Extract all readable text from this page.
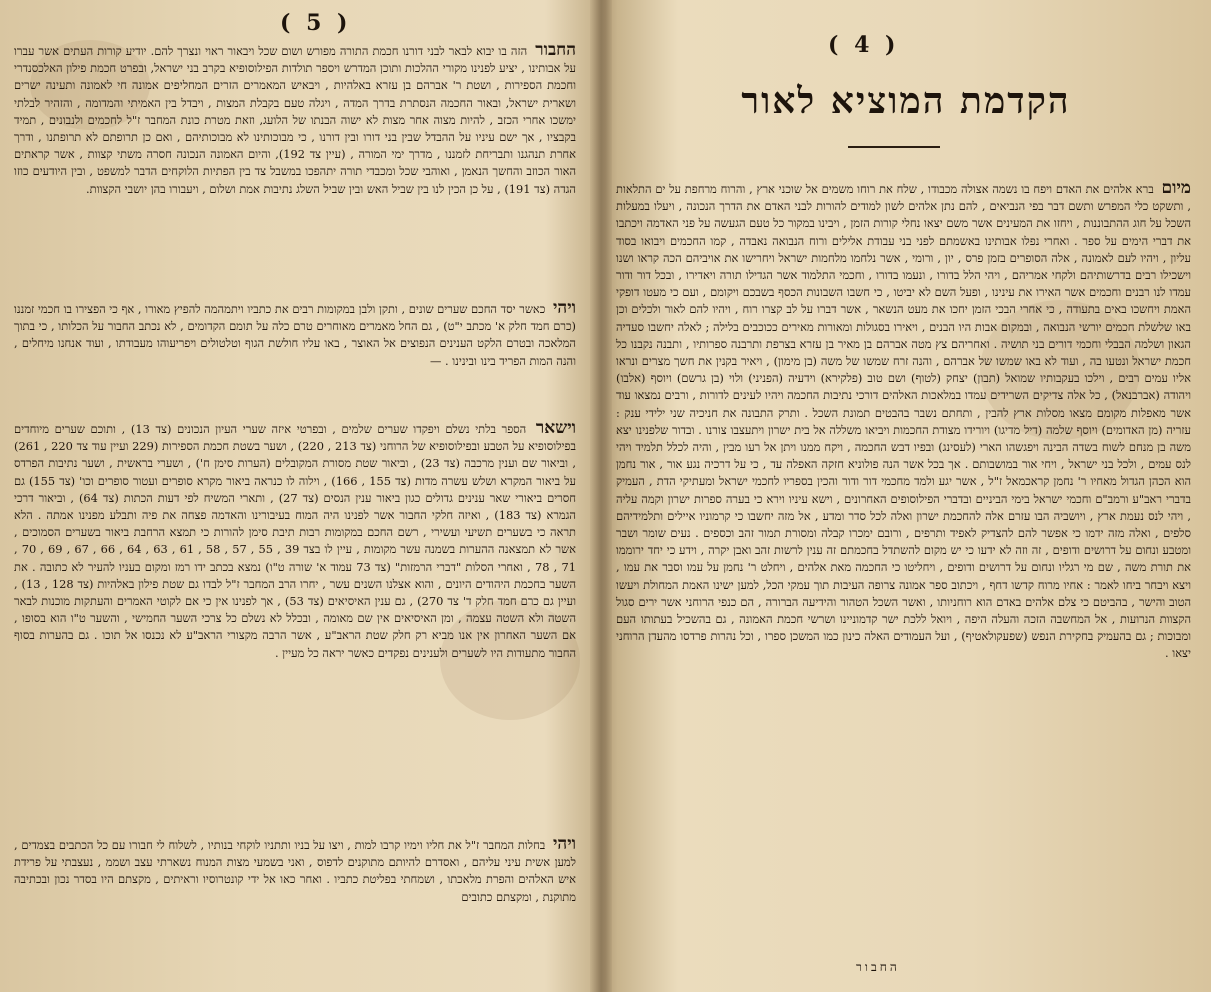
( 5 )
החבור הזה בו יבוא לבאר לבני דורנו חכמת התורה מפורש ושום שכל ויבאור ראוי ונצרך להם. יודיע קורות העתים אשר עברו על אבותינו , יציע לפנינו מקורי ההלכות ותוכן המדרש ויספר תולדות הפילוסופיא בקרב בני ישראל, ובפרט חכמת פילון האלכסנדרי וחכמת הספירות , ושטת ר' אברהם בן עזרא באלהיות , ויבאיש המאמרים הזרים המחליפים אמונה חי לאמונה ותעינה ישרים ושארית ישראל, ובאור החכמה הנסתרת בדרך המדה , ויגלה טעם בקבלת המצות , ויבדל בין האמיתי והמדומה , והזהיר לבלתי ימשכו אחרי הכזב , להיות מצוה אחר מצות לא ישוה הבנתו של הלועג, וזאת מטרת כונת המחבר ז"ל לחכמים ולנבונים , תמיד בקבציו , אך ישם עיניו על ההבדל שבין בני דורו ובין דורנו , כי מבוכותינו לא מבוכותיהם , ואם כן תרופתם לא תרופתנו , ודרך אחרת תנהגנו ותבריחת לזמננו , מדרך ימי המורה , (עיין צד 192), והיום האמונה הנכונה חסרה משתי קצוות , אשר קראתים האור הכוזב והחשך הנאמן , ואוהבי שכל ומכבדי תורה יתהפכו במשבל צד בין הפתיות הלוקחים הדבר למשפט , ובין היודעים כוזו הגדה (צד 191) , על כן הכין לנו בין שביל האש ובין שביל השלג נתיבות אמת ושלום , ויעבורו בהן יושבי הקצוות.
ויהי כאשר יסד החכם שערים שונים , ותקן ולבן במקומות רבים את כתביו ויתמהמה להפיץ מאורו , אף כי הפצירו בו חכמי זמננו (כרם חמד חלק א' מכתב י"ט) , גם החל מאמרים מאוחרים טרם כלה על תומם הקדומים , לא נכתב החבור על הכלותו , כי בתוך המלאכה ובטרם הלקט הענינים הנפוצים אל האוצר , באו עליו חולשת הגוף וטלטולים ויפריעוהו מעבודתו , ועוד אנחנו מיחלים , והנה המות הפריד בינו ובינינו . —
וישאר הספר בלתי נשלם ויפקדו שערים שלמים , ובפרטי איזה שערי העיון הנכונים (צד 13) , ותוכם שערים מיוחדים בפילוסופיא על הטבע ובפילוסופיא של הרוחני (צד 213 , 220) , ושער בשטת חכמת הספירות (229 ועיין עוד צד 220 , 261) , וביאור שם וענין מרכבה (צד 23) , וביאור שטת מסורת המקובלים (הערות סימן ח') , ושערי בראשית , ושער נתיבות הפרדס על ביאור המקרא ושלש עשרה מדות (צד 155 , 166) , וילוה לו כנראה ביאור מקרא סופרים ועטור סופרים וכו' (צד 155) גם חסרים ביאורי שאר ענינים גדולים כגון ביאור ענין הנסים (צד 27) , ותארי המשיח לפי דעות הכתות (צד 64) , וביאור דרכי הגמרא (צד 183) , ואיזה חלקי החבור אשר לפנינו היה המוח בעיבורינו והאדמה פצחה את פיה ותבלע מפנינו אמתה . הלא תראה כי בשערים תשיעי ועשירי , רשם החכם במקומות רבות תיבת סימן להורות כי תמצא הרחבת ביאור בשערים הסמוכים , אשר לא תמצאנה ההערות בשמנה עשר מקומות , עיין לו בצד 39 , 55 , 57 , 58 , 61 , 63 , 64 , 66 , 67 , 69 , 70 , 71 , 78 , ואחרי הסלות "דברי הרמזות" (צד 73 עמוד א' שורה ט"ו) נמצא בכתב ידו רמז ומקום בעניו להעיר לא כתובה . את השער בחכמת היהודים היונים , והוא אצלנו השנים עשר , יחרו הרב המחבר ז"ל לבדו גם שטת פילון באלהיות (צד 128 , 13) , ועיין גם כרם חמד חלק ד' צד 270) , גם ענין האיסיאים (צד 53) , אך לפנינו אין כי אם לקוטי האמרים והעתקות מוכנות לבאר השטה ולא השטה עצמה , ומן האיסיאים אין שם מאומה , ובכלל לא נשלם כל צרכי השער החמישי , והשער ט"ו הוא בסופו , אם השער האחרון אין אנו מביא רק חלק שטת הראב"ע , אשר הרבה מקצורי הראב"ע לא נכנסו אל תוכו . גם בהערות בסוף החבור מתעודות היו לשערים ולענינים נפקדים כאשר יראה כל מעיין .
ויהי בחלות המחבר ז"ל את חליו וימיו קרבו למות , ויצו על בניו ותתניו לוקחי בנותיו , לשלוח לי חבורו עם כל הכתבים בצמדים , למען אשית עיני עליהם , ואסדרם להיותם מתוקנים לדפוס , ואני בשמעי מצות המנוח נשארתי עצב ושממ , נעצבתי על פרידת איש האלהים והפרת מלאכתו , ושמחתי בפליטת כתביו . ואחר כאו אל ידי קונטרוסיו וראיתים , מקצתם היו בסדר נכון ובכתיבה מתוקנת , ומקצתם כתובים
( 4 )
הקדמת המוציא לאור
מיום ברא אלהים את האדם ויפח בו נשמה אצולה מכבודו , שלח את רוחו משמים אל שוכני ארץ , והרוח מרחפת על ים התלאות , ותשקט כלי המפרש ותשם דבר בפי הנביאים , להם נתן אלהים לשון למודים להורות לבני האדם את הדרך הנכונה , ויעלו במעלות השכל על חוג ההתבוננות , ויחזו את המעינים אשר משם יצאו נחלי קורות הזמן , ויבינו במקור כל טעם הגעשה על פני האדמה ויכתבו את דברי הימים על ספר . ואחרי נפלו אבותינו באשמתם לפני בני עבודת אלילים ורוח הנבואה נאבדה , קמו החכמים ויבואו בסוד עליון , ויהיו לעם לאמונה , אלה הסופרים בזמן פרס , יון , ורומי , אשר נלחמו מלחמות ישראל ויחרישו את אויביהם הכה קראו ושנו וישכילו רבים בדרשותיהם ולקחי אמריהם , ויהי הלל בדורו , ונעמו בדורו , וחכמי התלמוד אשר הגדילו תורה ויאדירו , ובכל דור ודור עמדו לנו רבנים וחכמים אשר האירו את עינינו , ופעל השם לא יביטו , כי חשבו השבונות הכסף בשבכם ויקומם , ועם כי מעטו דופקי האמת ויחשכו באים בתעודה , כי אחרי הבכי הזמן יחכו את מעט הנשאר , אשר דברו על לב קצרו רוח , ויהיו להם לאור ולכלים וכן באו שלשלת חכמים יורשי הנבואה , ובמקום אבות היו הבנים , ויאירו בסגולות ומאורות מאירים ככוכבים בלילה ; לאלה יחשבו סעדיה הגאון ושלמה הבבלי וחכמי דורים בני תושיה . ואחריהם צץ מטה אברהם בן מאיר בן עזרא בצרפת ותרבנה ספרותיו , ותבנה נקבנו כל חכמת ישראל ונטעו בה , ועוד לא באו שמשו של אברהם , והנה זרח שמשו של משה (בן מימון) , ויאיר בקנין את חשך מצרים ונראו אליו עמים רבים , וילכו בעקבותיו שמואל (תבון) יצחק (לטוף) ושם טוב (פלקירא) וידעיה (הפניני) ולוי (בן גרשם) ויוסף (אלבו) ויהודה (אברבנאל) , כל אלה צדיקים השרידים עמדו במלאכות האלהים דורכי נתיבות החכמה ויהיו לעינים לדורות , ורבים נמצאו עוד אשר מאפלות מקומם מצאו מסלות ארץ להבין , ותחתם נשבר בהבטים תמונת השכל . ותרק התבונה את חניכיה שני ילידי ענק : עזריה (מן האדומים) ויוסף שלמה (דיל מדיגו) ויורידו מצודת החכמות ויביאו משללה אל בית ישרון ויתעצבו צורנו . ובדור שלפנינו יצא משה בן מנחם לשוח בשדה הבינה ויפגשהו הארי (לעסינג) ובפיו דבש החכמה , ויקח ממנו ויתן אל רעו מבין , והיה לכלל תלמיד ויהי לנס עמים , ולכל בני ישראל , ויחי אור במושבותם . אך בכל אשר הנה פולוניא חזקה האפלה עד , כי על דרכיה נגע אור , אור נחמן הוא הכהן הגדול מאחיו ר' נחמן קראכמאל ז"ל , אשר יגע ולמד מחכמי דור ודור והכין בספריו לחכמי ישראל ומעתיקי הדת , העמיק בדברי ראב"ע ורמב"ם וחכמי ישראל בימי הביניים ובדברי הפילוסופים האחרונים , וישא עיניו וירא כי בערה ספרות ישרון וקמה עליה , ויהי לנס נעמת ארץ , ויושביה הבו עזרם אלה להחכמת ישרון ואלה לכל סדר ומדע , אל מזה יחשבו כי קרמוניו איילים ותלמידיהם סלפים , ואלה מזה ידמו כי אפשר להם להצדיק לאפיד ותרפים , ורובם ימכרו קבלה ומסורת תמור זהב וכספים . נעים שומר ושבר ומטבע ונחום על דרושים ודופים , זה וזה לא ידעו כי יש מקום להשתדל בחכמתם זה ענין לרשות זהב ואבן יקרה , וידע כי יחד ירוממו את תורת משה , שם מי רגליו ונחום על דרושים ודופים , ויחליטו כי החכמה מאת אלהים , ויחלט ר' נחמן על עמו וסבר את עמו , ויצא ויבחר ביחו לאמר : אחיו מרוח קדשו דחף , ויכתוב ספר אמונה צרופה העיבות תוך עמקי הכל, למען ישינו האמת המחולת ויעשו הטוב והישר , בהביטם כי צלם אלהים באדם הוא רוחניותו , ואשר השכל הטהור והידיעה הברורה , הם כנפי הרוחני אשר ירים סגול הקצוות הנרועות , אל המחשבה הזכה והעלה היפה , ויואל ללכת ישר קדמוניינו ושרשי חכמת האמונה , גם בהשכיל בעתותו העם ומבוכות ; גם בהעמיק בחקירת הנפש (שפעקולאטיף) , ועל העמודים האלה כינון כמו המשכן ספרו , וכל נהרות פרדסו מהעדן הרוחני יצאו .
החבור
